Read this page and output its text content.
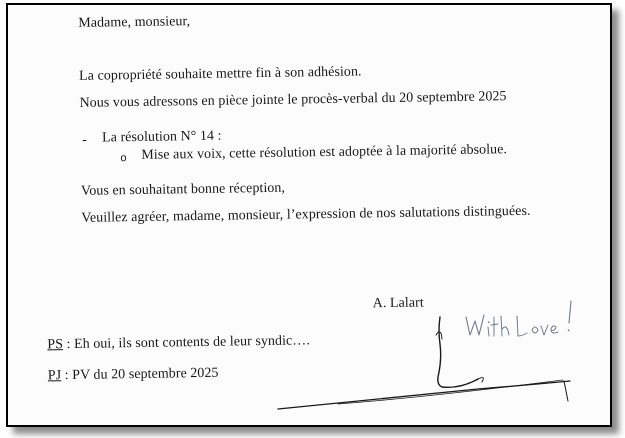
Madame, monsieur,
La copropriété souhaite mettre fin à son adhésion.
Nous vous adressons en pièce jointe le procès-verbal du 20 septembre 2025
- La résolution N° 14 :
o Mise aux voix, cette résolution est adoptée à la majorité absolue.
Vous en souhaitant bonne réception,
Veuillez agréer, madame, monsieur, l’expression de nos salutations distinguées.
A. Lalart
PS : Eh oui, ils sont contents de leur syndic….
PJ : PV du 20 septembre 2025
